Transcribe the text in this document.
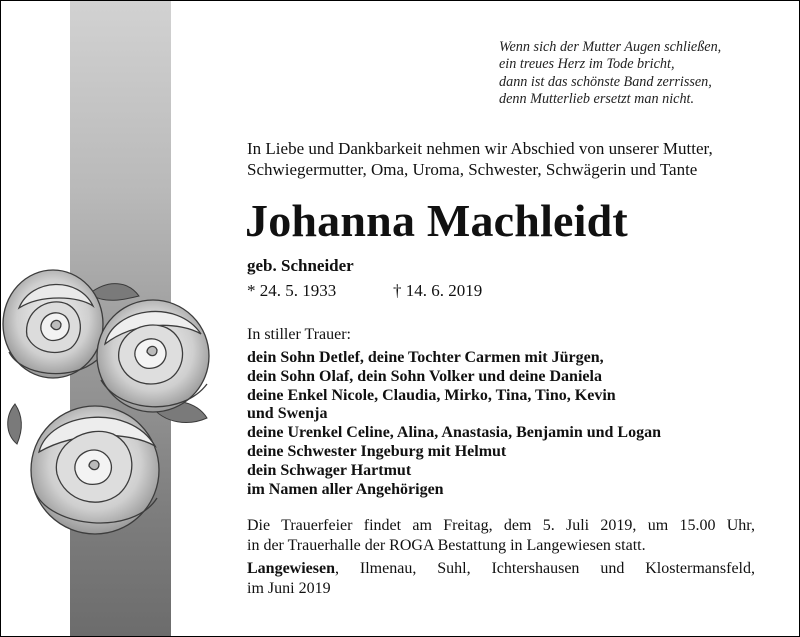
Wenn sich der Mutter Augen schließen,
ein treues Herz im Tode bricht,
dann ist das schönste Band zerrissen,
denn Mutterlieb ersetzt man nicht.
In Liebe und Dankbarkeit nehmen wir Abschied von unserer Mutter,
Schwiegermutter, Oma, Uroma, Schwester, Schwägerin und Tante
Johanna Machleidt
geb. Schneider
* 24. 5. 1933	† 14. 6. 2019
In stiller Trauer:
dein Sohn Detlef, deine Tochter Carmen mit Jürgen,
dein Sohn Olaf, dein Sohn Volker und deine Daniela
deine Enkel Nicole, Claudia, Mirko, Tina, Tino, Kevin
und Swenja
deine Urenkel Celine, Alina, Anastasia, Benjamin und Logan
deine Schwester Ingeburg mit Helmut
dein Schwager Hartmut
im Namen aller Angehörigen
Die Trauerfeier findet am Freitag, dem 5. Juli 2019, um 15.00 Uhr,
in der Trauerhalle der ROGA Bestattung in Langewiesen statt.
Langewiesen, Ilmenau, Suhl, Ichtershausen und Klostermansfeld,
im Juni 2019
